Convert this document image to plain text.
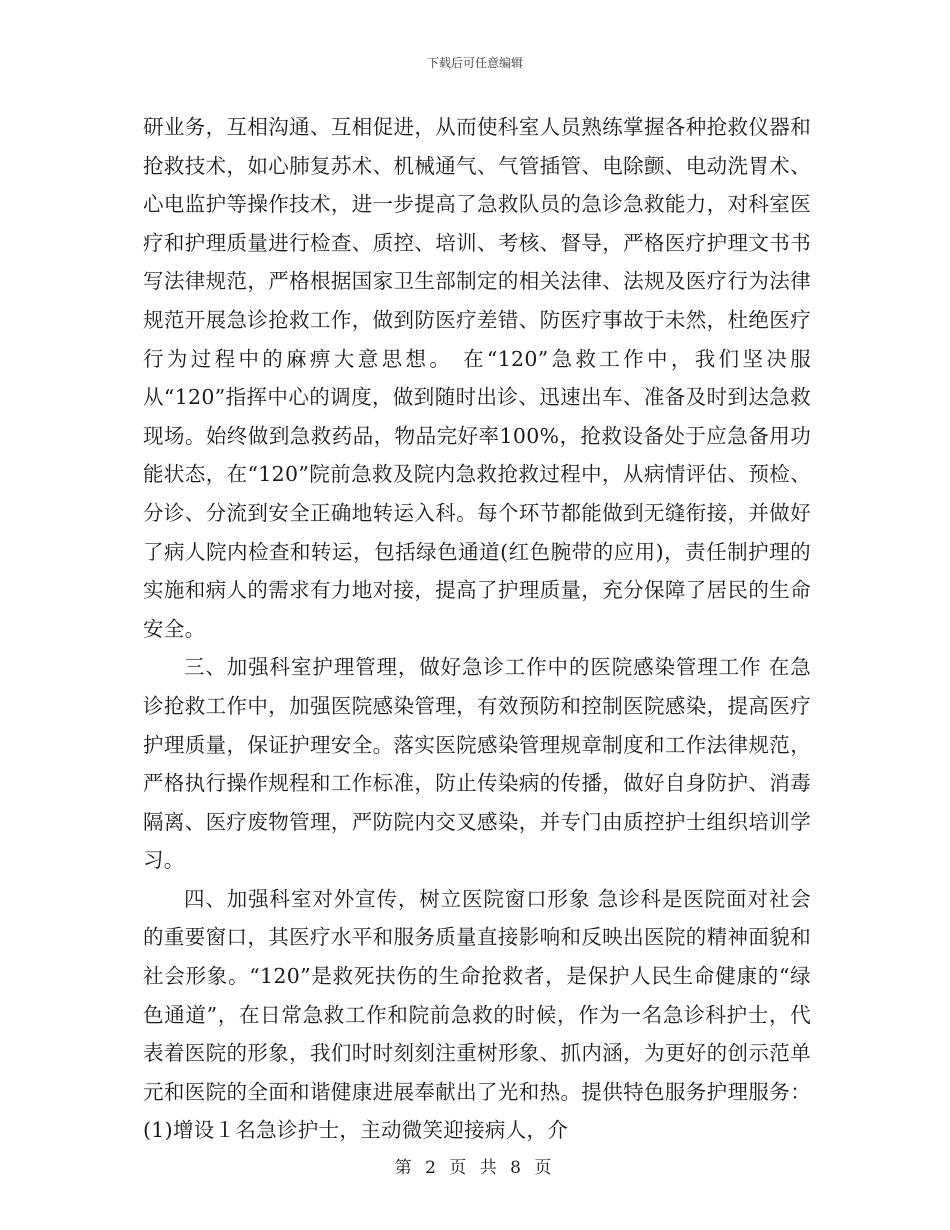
下载后可任意编辑

研业务，互相沟通、互相促进，从而使科室人员熟练掌握各种抢救仪器和抢救技术，如心肺复苏术、机械通气、气管插管、电除颤、电动洗胃术、心电监护等操作技术，进一步提高了急救队员的急诊急救能力，对科室医疗和护理质量进行检查、质控、培训、考核、督导，严格医疗护理文书书写法律规范，严格根据国家卫生部制定的相关法律、法规及医疗行为法律规范开展急诊抢救工作，做到防医疗差错、防医疗事故于未然，杜绝医疗行为过程中的麻痹大意思想。 在“120”急救工作中，我们坚决服从“120”指挥中心的调度，做到随时出诊、迅速出车、准备及时到达急救现场。始终做到急救药品，物品完好率100%，抢救设备处于应急备用功能状态，在“120”院前急救及院内急救抢救过程中，从病情评估、预检、分诊、分流到安全正确地转运入科。每个环节都能做到无缝衔接，并做好了病人院内检查和转运，包括绿色通道(红色腕带的应用)，责任制护理的实施和病人的需求有力地对接，提高了护理质量，充分保障了居民的生命安全。

三、加强科室护理管理，做好急诊工作中的医院感染管理工作 在急诊抢救工作中，加强医院感染管理，有效预防和控制医院感染，提高医疗护理质量，保证护理安全。落实医院感染管理规章制度和工作法律规范，严格执行操作规程和工作标准，防止传染病的传播，做好自身防护、消毒隔离、医疗废物管理，严防院内交叉感染，并专门由质控护士组织培训学习。

四、加强科室对外宣传，树立医院窗口形象 急诊科是医院面对社会的重要窗口，其医疗水平和服务质量直接影响和反映出医院的精神面貌和社会形象。“120”是救死扶伤的生命抢救者，是保护人民生命健康的“绿色通道”，在日常急救工作和院前急救的时候，作为一名急诊科护士，代表着医院的形象，我们时时刻刻注重树形象、抓内涵，为更好的创示范单元和医院的全面和谐健康进展奉献出了光和热。提供特色服务护理服务：(1)增设１名急诊护士，主动微笑迎接病人，介

第 2 页 共 8 页
